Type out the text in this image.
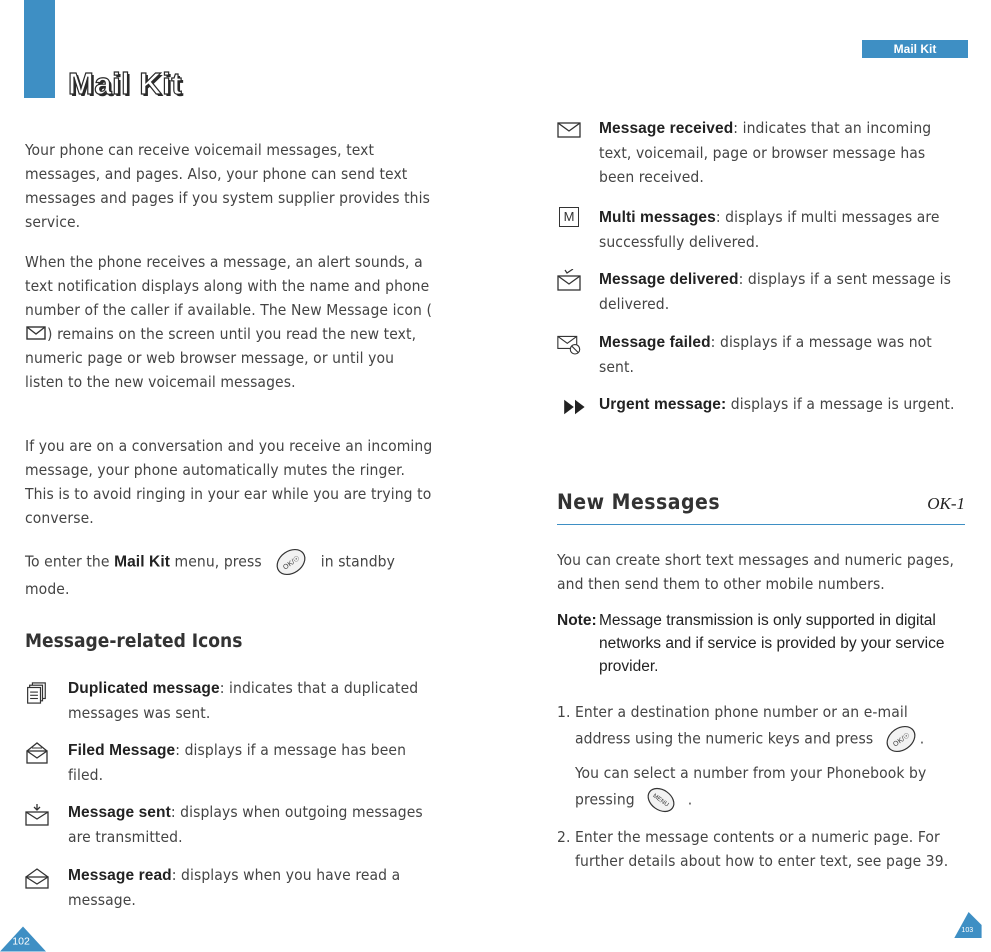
Mail Kit
Mail Kit
Your phone can receive voicemail messages, text messages, and pages. Also, your phone can send text messages and pages if you system supplier provides this service.
When the phone receives a message, an alert sounds, a text notification displays along with the name and phone number of the caller if available. The New Message icon () remains on the screen until you read the new text, numeric page or web browser message, or until you listen to the new voicemail messages.
If you are on a conversation and you receive an incoming message, your phone automatically mutes the ringer. This is to avoid ringing in your ear while you are trying to converse.
To enter the Mail Kit menu, press	OK/☉ in standby mode.
Message-related Icons
Duplicated message: indicates that a duplicated messages was sent.
Filed Message: displays if a message has been filed.
Message sent: displays when outgoing messages are transmitted.
Message read: displays when you have read a message.
102
Message received: indicates that an incoming text, voicemail, page or browser message has been received.
M Multi messages: displays if multi messages are successfully delivered.
Message delivered: displays if a sent message is delivered.
Message failed: displays if a message was not sent.
Urgent message: displays if a message is urgent.
New Messages	OK-1
You can create short text messages and numeric pages, and then send them to other mobile numbers.
Note: Message transmission is only supported in digital networks and if service is provided by your service provider.
1. Enter a destination phone number or an e-mail address using the numeric keys and press	OK/☉ .
You can select a number from your Phonebook by pressing	MENU .
2. Enter the message contents or a numeric page. For further details about how to enter text, see page 39.
103
